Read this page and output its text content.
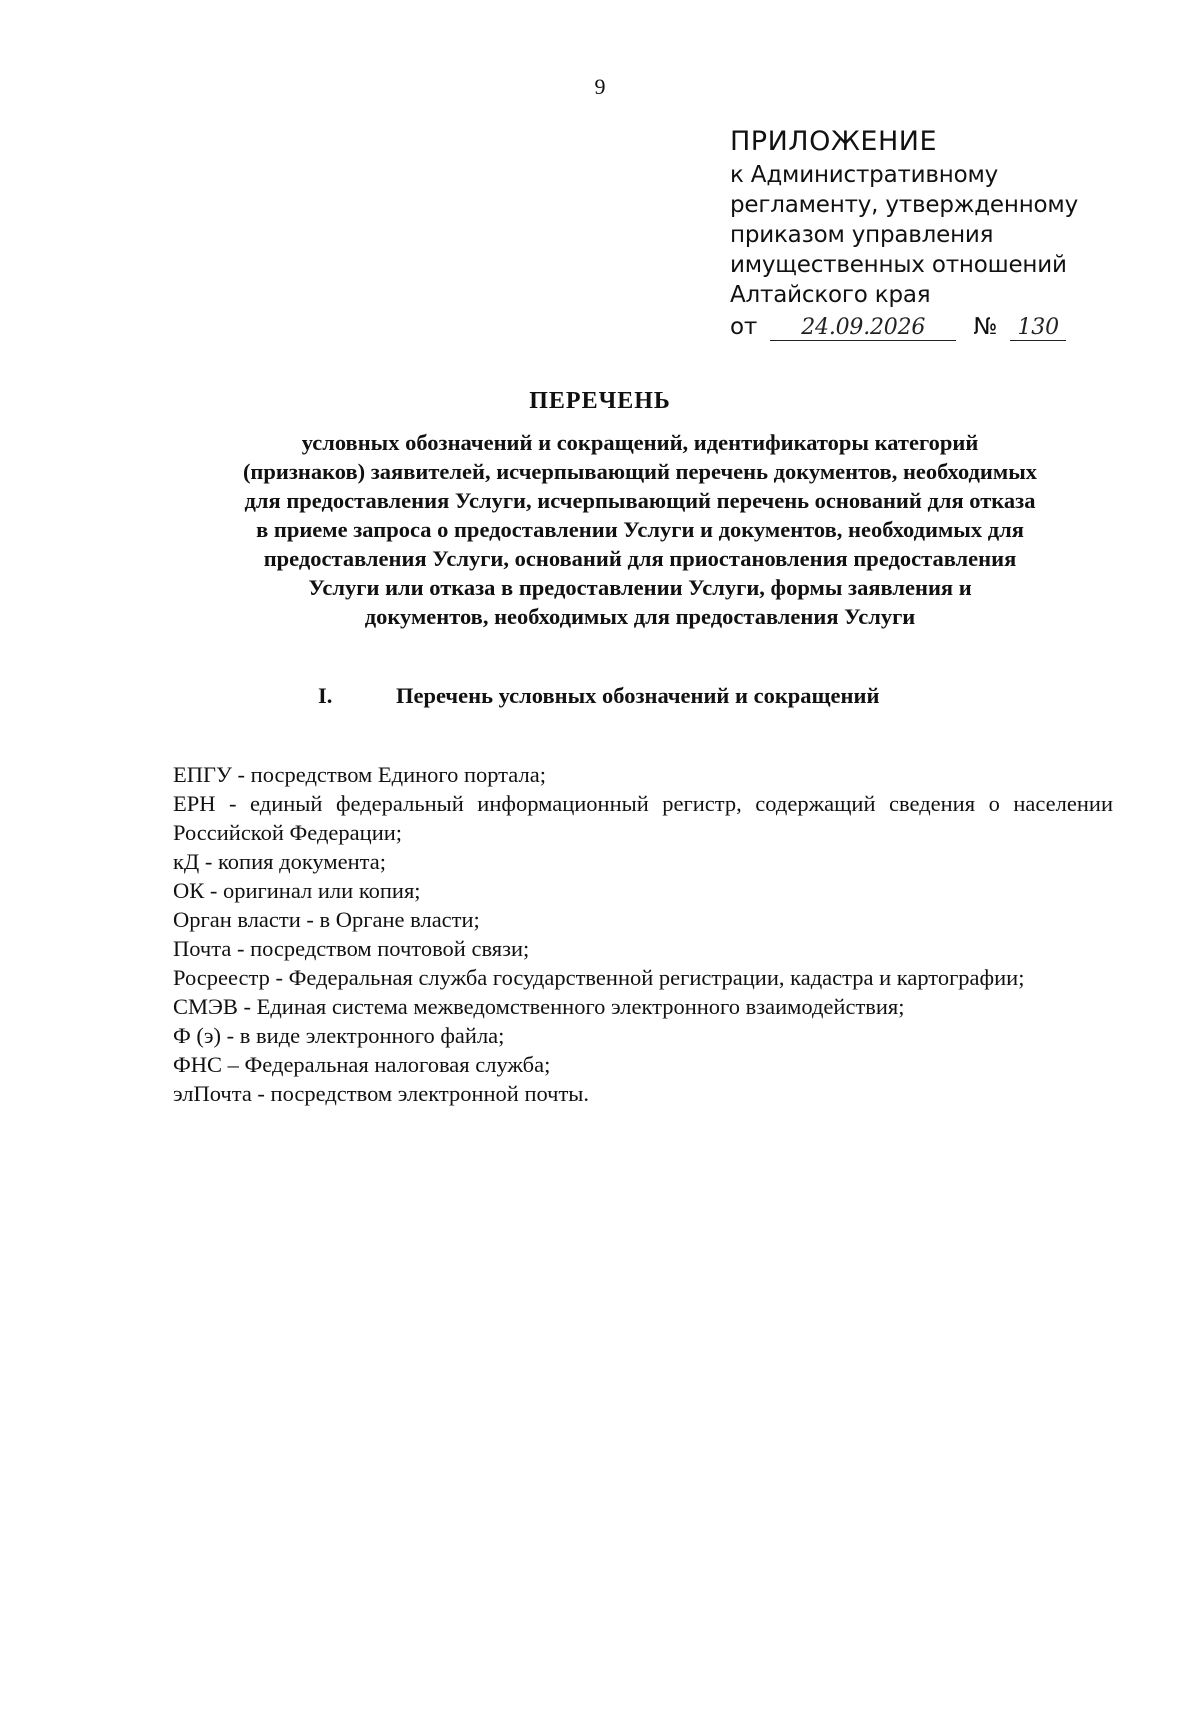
9
ПРИЛОЖЕНИЕ
к Административному
регламенту, утвержденному
приказом управления
имущественных отношений
Алтайского края
от 24.09.2026 № 130
ПЕРЕЧЕНЬ
условных обозначений и сокращений, идентификаторы категорий
(признаков) заявителей, исчерпывающий перечень документов, необходимых
для предоставления Услуги, исчерпывающий перечень оснований для отказа
в приеме запроса о предоставлении Услуги и документов, необходимых для
предоставления Услуги, оснований для приостановления предоставления
Услуги или отказа в предоставлении Услуги, формы заявления и
документов, необходимых для предоставления Услуги
I.	Перечень условных обозначений и сокращений
ЕПГУ - посредством Единого портала;
ЕРН - единый федеральный информационный регистр, содержащий сведения о населении Российской Федерации;
кД - копия документа;
ОК - оригинал или копия;
Орган власти - в Органе власти;
Почта - посредством почтовой связи;
Росреестр - Федеральная служба государственной регистрации, кадастра и картографии;
СМЭВ - Единая система межведомственного электронного взаимодействия;
Ф (э) - в виде электронного файла;
ФНС – Федеральная налоговая служба;
элПочта - посредством электронной почты.
